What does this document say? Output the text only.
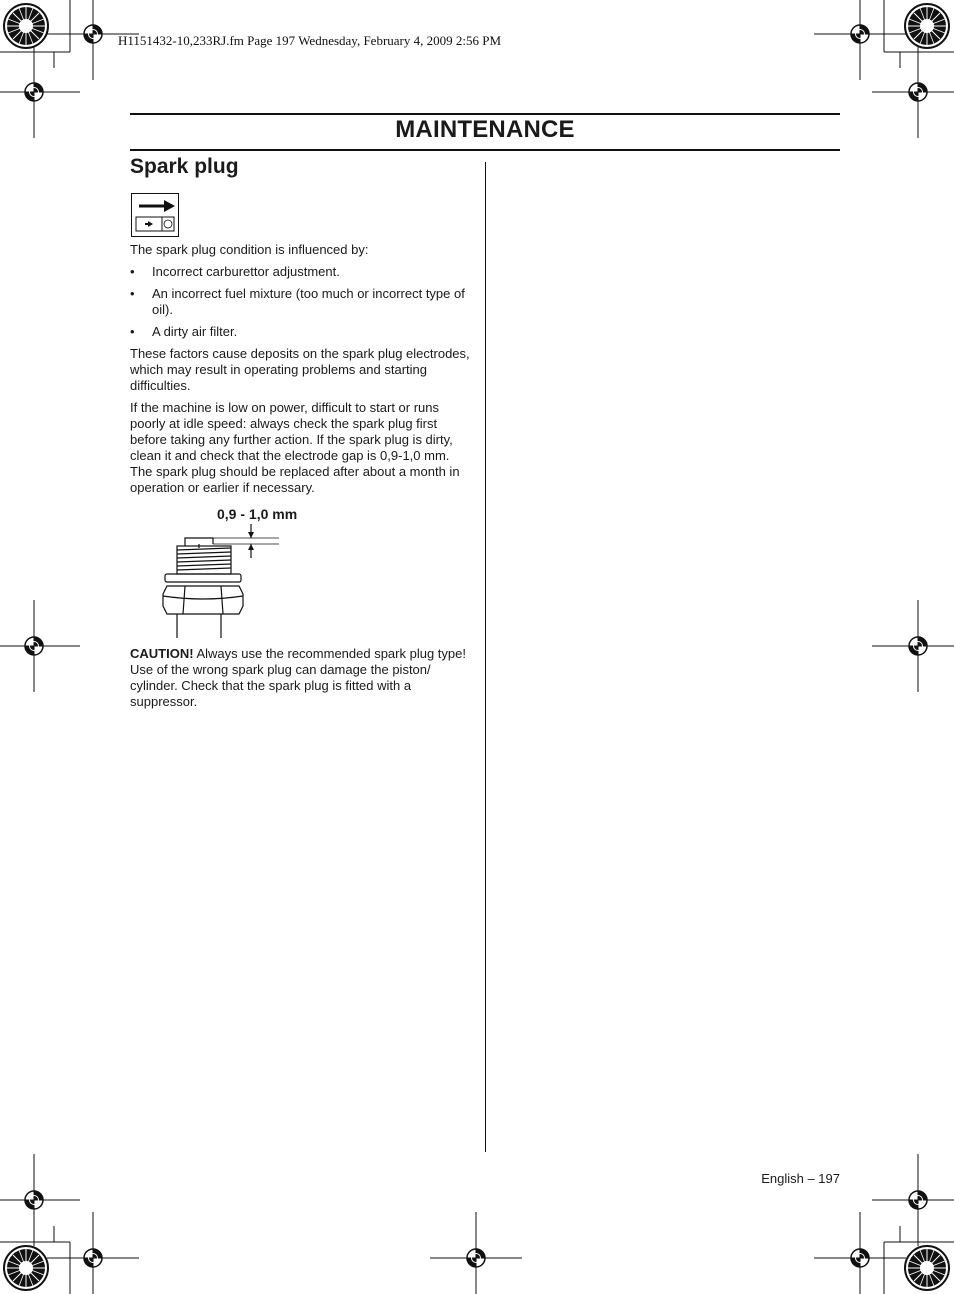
H1151432-10,233RJ.fm Page 197 Wednesday, February 4, 2009 2:56 PM
MAINTENANCE
Spark plug
The spark plug condition is influenced by:
• Incorrect carburettor adjustment.
• An incorrect fuel mixture (too much or incorrect type of oil).
• A dirty air filter.
These factors cause deposits on the spark plug electrodes, which may result in operating problems and starting difficulties.
If the machine is low on power, difficult to start or runs poorly at idle speed: always check the spark plug first before taking any further action. If the spark plug is dirty, clean it and check that the electrode gap is 0,9-1,0 mm. The spark plug should be replaced after about a month in operation or earlier if necessary.
0,9 - 1,0 mm
CAUTION! Always use the recommended spark plug type! Use of the wrong spark plug can damage the piston/ cylinder. Check that the spark plug is fitted with a suppressor.
English – 197
